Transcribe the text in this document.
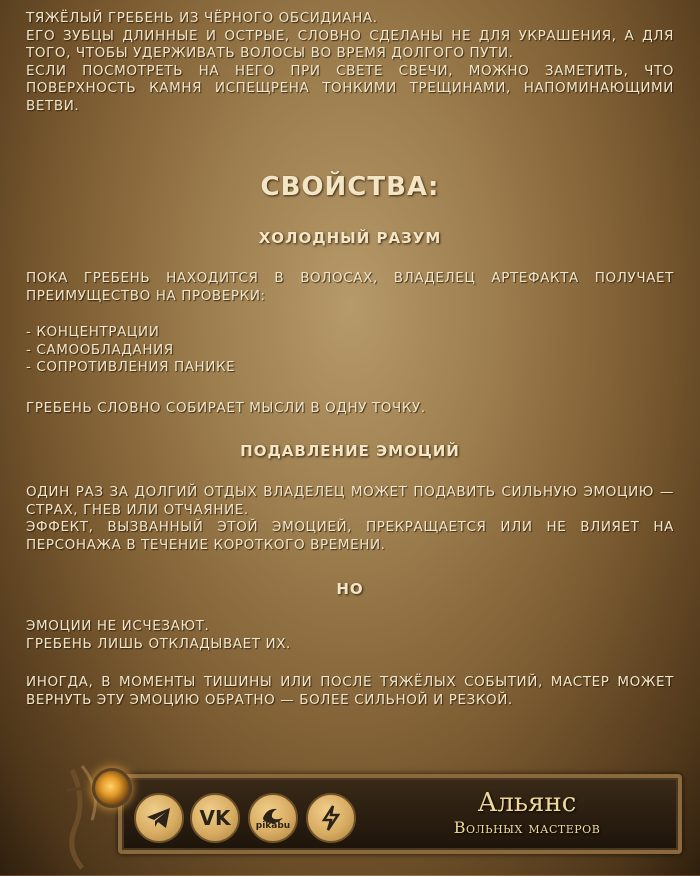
ТЯЖЁЛЫЙ ГРЕБЕНЬ ИЗ ЧЁРНОГО ОБСИДИАНА.
ЕГО ЗУБЦЫ ДЛИННЫЕ И ОСТРЫЕ, СЛОВНО СДЕЛАНЫ НЕ ДЛЯ УКРАШЕНИЯ, А ДЛЯ ТОГО, ЧТОБЫ УДЕРЖИВАТЬ ВОЛОСЫ ВО ВРЕМЯ ДОЛГОГО ПУТИ.
ЕСЛИ ПОСМОТРЕТЬ НА НЕГО ПРИ СВЕТЕ СВЕЧИ, МОЖНО ЗАМЕТИТЬ, ЧТО ПОВЕРХНОСТЬ КАМНЯ ИСПЕЩРЕНА ТОНКИМИ ТРЕЩИНАМИ, НАПОМИНАЮЩИМИ ВЕТВИ.
СВОЙСТВА:
ХОЛОДНЫЙ РАЗУМ
ПОКА ГРЕБЕНЬ НАХОДИТСЯ В ВОЛОСАХ, ВЛАДЕЛЕЦ АРТЕФАКТА ПОЛУЧАЕТ ПРЕИМУЩЕСТВО НА ПРОВЕРКИ:
- КОНЦЕНТРАЦИИ
- САМООБЛАДАНИЯ
- СОПРОТИВЛЕНИЯ ПАНИКЕ
ГРЕБЕНЬ СЛОВНО СОБИРАЕТ МЫСЛИ В ОДНУ ТОЧКУ.
ПОДАВЛЕНИЕ ЭМОЦИЙ
ОДИН РАЗ ЗА ДОЛГИЙ ОТДЫХ ВЛАДЕЛЕЦ МОЖЕТ ПОДАВИТЬ СИЛЬНУЮ ЭМОЦИЮ — СТРАХ, ГНЕВ ИЛИ ОТЧАЯНИЕ.
ЭФФЕКТ, ВЫЗВАННЫЙ ЭТОЙ ЭМОЦИЕЙ, ПРЕКРАЩАЕТСЯ ИЛИ НЕ ВЛИЯЕТ НА ПЕРСОНАЖА В ТЕЧЕНИЕ КОРОТКОГО ВРЕМЕНИ.
НО
ЭМОЦИИ НЕ ИСЧЕЗАЮТ.
ГРЕБЕНЬ ЛИШЬ ОТКЛАДЫВАЕТ ИХ.
ИНОГДА, В МОМЕНТЫ ТИШИНЫ ИЛИ ПОСЛЕ ТЯЖЁЛЫХ СОБЫТИЙ, МАСТЕР МОЖЕТ ВЕРНУТЬ ЭТУ ЭМОЦИЮ ОБРАТНО — БОЛЕЕ СИЛЬНОЙ И РЕЗКОЙ.
VK	pikabu
Альянс
Вольных мастеров
